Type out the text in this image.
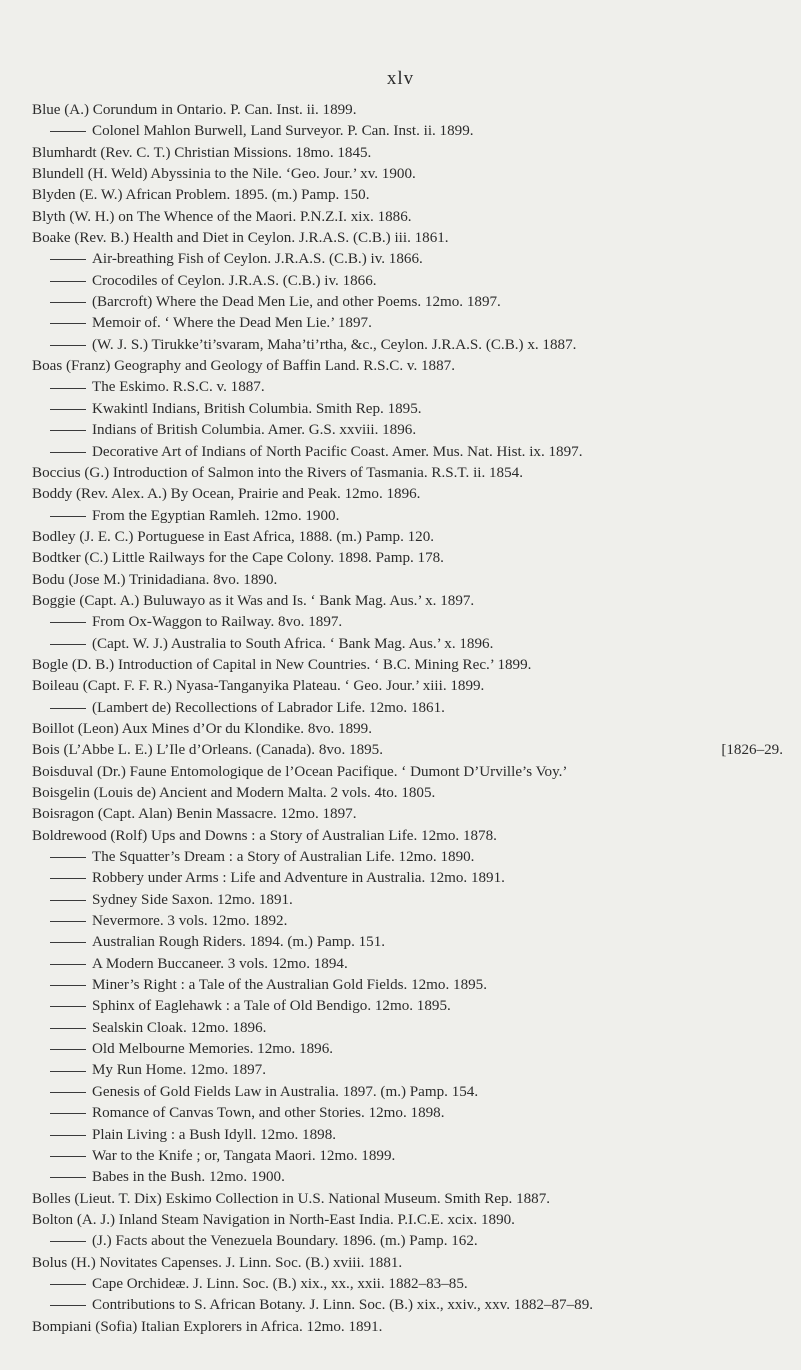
xlv
Blue (A.) Corundum in Ontario. P. Can. Inst. ii. 1899.
Colonel Mahlon Burwell, Land Surveyor. P. Can. Inst. ii. 1899.
Blumhardt (Rev. C. T.) Christian Missions. 18mo. 1845.
Blundell (H. Weld) Abyssinia to the Nile. ‘Geo. Jour.’ xv. 1900.
Blyden (E. W.) African Problem. 1895. (m.) Pamp. 150.
Blyth (W. H.) on The Whence of the Maori. P.N.Z.I. xix. 1886.
Boake (Rev. B.) Health and Diet in Ceylon. J.R.A.S. (C.B.) iii. 1861.
Air-breathing Fish of Ceylon. J.R.A.S. (C.B.) iv. 1866.
Crocodiles of Ceylon. J.R.A.S. (C.B.) iv. 1866.
(Barcroft) Where the Dead Men Lie, and other Poems. 12mo. 1897.
Memoir of. ‘ Where the Dead Men Lie.’ 1897.
(W. J. S.) Tirukke’ti’svaram, Maha’ti’rtha, &c., Ceylon. J.R.A.S. (C.B.) x. 1887.
Boas (Franz) Geography and Geology of Baffin Land. R.S.C. v. 1887.
The Eskimo. R.S.C. v. 1887.
Kwakintl Indians, British Columbia. Smith Rep. 1895.
Indians of British Columbia. Amer. G.S. xxviii. 1896.
Decorative Art of Indians of North Pacific Coast. Amer. Mus. Nat. Hist. ix. 1897.
Boccius (G.) Introduction of Salmon into the Rivers of Tasmania. R.S.T. ii. 1854.
Boddy (Rev. Alex. A.) By Ocean, Prairie and Peak. 12mo. 1896.
From the Egyptian Ramleh. 12mo. 1900.
Bodley (J. E. C.) Portuguese in East Africa, 1888. (m.) Pamp. 120.
Bodtker (C.) Little Railways for the Cape Colony. 1898. Pamp. 178.
Bodu (Jose M.) Trinidadiana. 8vo. 1890.
Boggie (Capt. A.) Buluwayo as it Was and Is. ‘ Bank Mag. Aus.’ x. 1897.
From Ox-Waggon to Railway. 8vo. 1897.
(Capt. W. J.) Australia to South Africa. ‘ Bank Mag. Aus.’ x. 1896.
Bogle (D. B.) Introduction of Capital in New Countries. ‘ B.C. Mining Rec.’ 1899.
Boileau (Capt. F. F. R.) Nyasa-Tanganyika Plateau. ‘ Geo. Jour.’ xiii. 1899.
(Lambert de) Recollections of Labrador Life. 12mo. 1861.
Boillot (Leon) Aux Mines d’Or du Klondike. 8vo. 1899.
Bois (L’Abbe L. E.) L’Ile d’Orleans. (Canada). 8vo. 1895.	[1826–29.
Boisduval (Dr.) Faune Entomologique de l’Ocean Pacifique. ‘ Dumont D’Urville’s Voy.’
Boisgelin (Louis de) Ancient and Modern Malta. 2 vols. 4to. 1805.
Boisragon (Capt. Alan) Benin Massacre. 12mo. 1897.
Boldrewood (Rolf) Ups and Downs : a Story of Australian Life. 12mo. 1878.
The Squatter’s Dream : a Story of Australian Life. 12mo. 1890.
Robbery under Arms : Life and Adventure in Australia. 12mo. 1891.
Sydney Side Saxon. 12mo. 1891.
Nevermore. 3 vols. 12mo. 1892.
Australian Rough Riders. 1894. (m.) Pamp. 151.
A Modern Buccaneer. 3 vols. 12mo. 1894.
Miner’s Right : a Tale of the Australian Gold Fields. 12mo. 1895.
Sphinx of Eaglehawk : a Tale of Old Bendigo. 12mo. 1895.
Sealskin Cloak. 12mo. 1896.
Old Melbourne Memories. 12mo. 1896.
My Run Home. 12mo. 1897.
Genesis of Gold Fields Law in Australia. 1897. (m.) Pamp. 154.
Romance of Canvas Town, and other Stories. 12mo. 1898.
Plain Living : a Bush Idyll. 12mo. 1898.
War to the Knife ; or, Tangata Maori. 12mo. 1899.
Babes in the Bush. 12mo. 1900.
Bolles (Lieut. T. Dix) Eskimo Collection in U.S. National Museum. Smith Rep. 1887.
Bolton (A. J.) Inland Steam Navigation in North-East India. P.I.C.E. xcix. 1890.
(J.) Facts about the Venezuela Boundary. 1896. (m.) Pamp. 162.
Bolus (H.) Novitates Capenses. J. Linn. Soc. (B.) xviii. 1881.
Cape Orchideæ. J. Linn. Soc. (B.) xix., xx., xxii. 1882–83–85.
Contributions to S. African Botany. J. Linn. Soc. (B.) xix., xxiv., xxv. 1882–87–89.
Bompiani (Sofia) Italian Explorers in Africa. 12mo. 1891.
